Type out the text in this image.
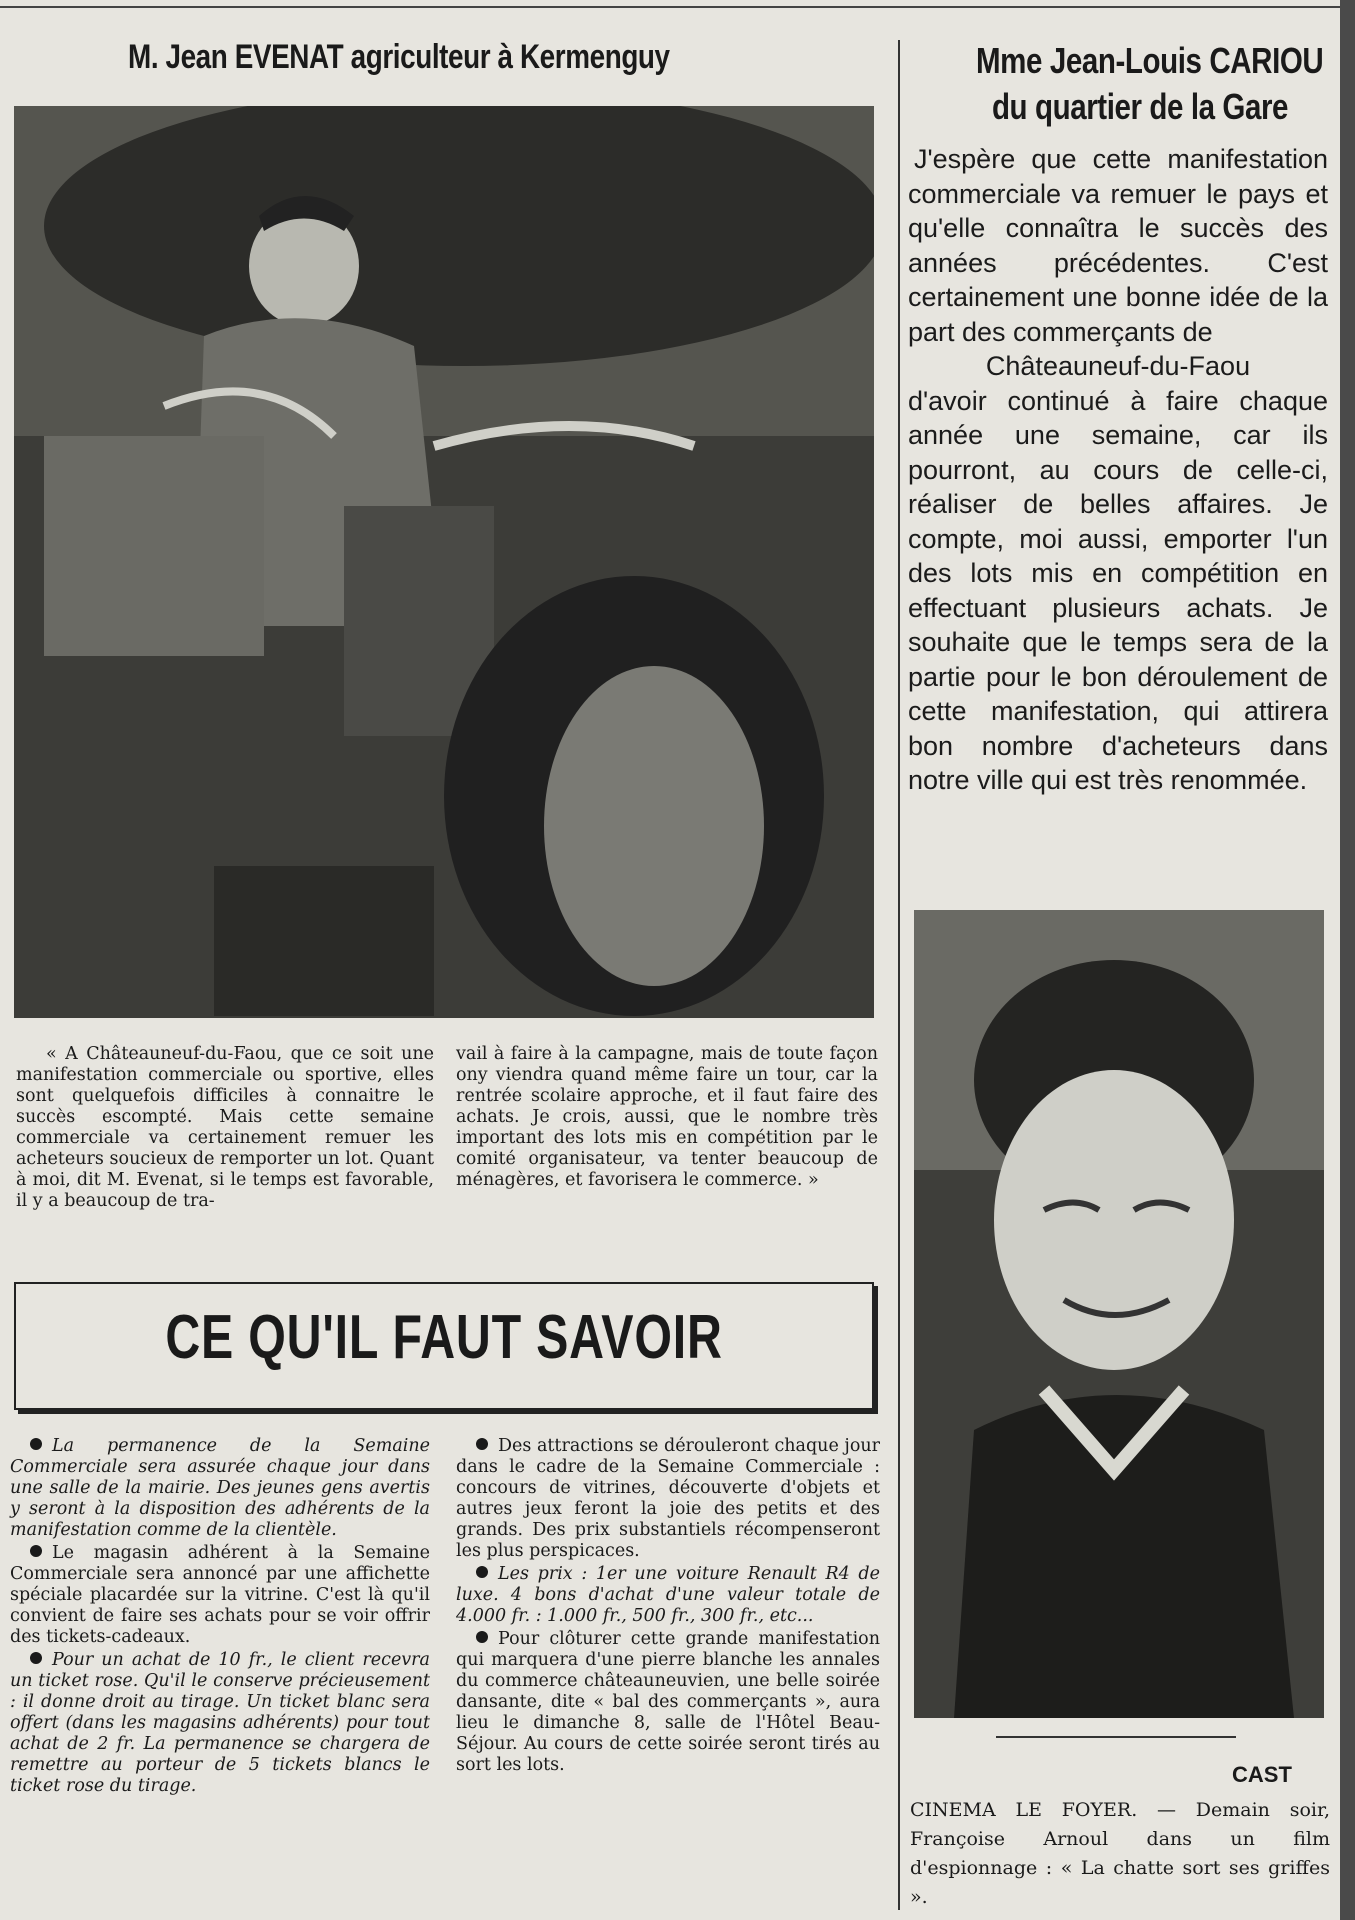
M. Jean EVENAT agriculteur à Kermenguy
« A Châteauneuf-du-Faou, que ce soit une manifestation commerciale ou sportive, elles sont quelquefois difficiles à connaitre le succès escompté. Mais cette semaine commerciale va certainement remuer les acheteurs soucieux de remporter un lot. Quant à moi, dit M. Evenat, si le temps est favorable, il y a beaucoup de tra-
vail à faire à la campagne, mais de toute façon ony viendra quand même faire un tour, car la rentrée scolaire approche, et il faut faire des achats. Je crois, aussi, que le nombre très important des lots mis en compétition par le comité organisateur, va tenter beaucoup de ménagères, et favorisera le commerce. »
CE QU'IL FAUT SAVOIR

La permanence de la Semaine Commerciale sera assurée chaque jour dans une salle de la mairie. Des jeunes gens avertis y seront à la disposition des adhérents de la manifestation comme de la clientèle.

Le magasin adhérent à la Semaine Commerciale sera annoncé par une affichette spéciale placardée sur la vitrine. C'est là qu'il convient de faire ses achats pour se voir offrir des tickets-cadeaux.

Pour un achat de 10 fr., le client recevra un ticket rose. Qu'il le conserve précieusement : il donne droit au tirage. Un ticket blanc sera offert (dans les magasins adhérents) pour tout achat de 2 fr. La permanence se chargera de remettre au porteur de 5 tickets blancs le ticket rose du tirage.

Des attractions se dérouleront chaque jour dans le cadre de la Semaine Commerciale : concours de vitrines, découverte d'objets et autres jeux feront la joie des petits et des grands. Des prix substantiels récompenseront les plus perspicaces.

Les prix : 1er une voiture Renault R4 de luxe. 4 bons d'achat d'une valeur totale de 4.000 fr. : 1.000 fr., 500 fr., 300 fr., etc...

Pour clôturer cette grande manifestation qui marquera d'une pierre blanche les annales du commerce châteauneuvien, une belle soirée dansante, dite « bal des commerçants », aura lieu le dimanche 8, salle de l'Hôtel Beau-Séjour. Au cours de cette soirée seront tirés au sort les lots.

Mme Jean-Louis CARIOU
du quartier de la Gare

J'espère que cette manifestation commerciale va remuer le pays et qu'elle connaîtra le succès des années précédentes. C'est certainement une bonne idée de la part des commerçants de

Châteauneuf-du-Faou

d'avoir continué à faire chaque année une semaine, car ils pourront, au cours de celle-ci, réaliser de belles affaires. Je compte, moi aussi, emporter l'un des lots mis en compétition en effectuant plusieurs achats. Je souhaite que le temps sera de la partie pour le bon déroulement de cette manifestation, qui attirera bon nombre d'acheteurs dans notre ville qui est très renommée.

CAST
CINEMA LE FOYER. — Demain soir, Françoise Arnoul dans un film d'espionnage : « La chatte sort ses griffes ».
